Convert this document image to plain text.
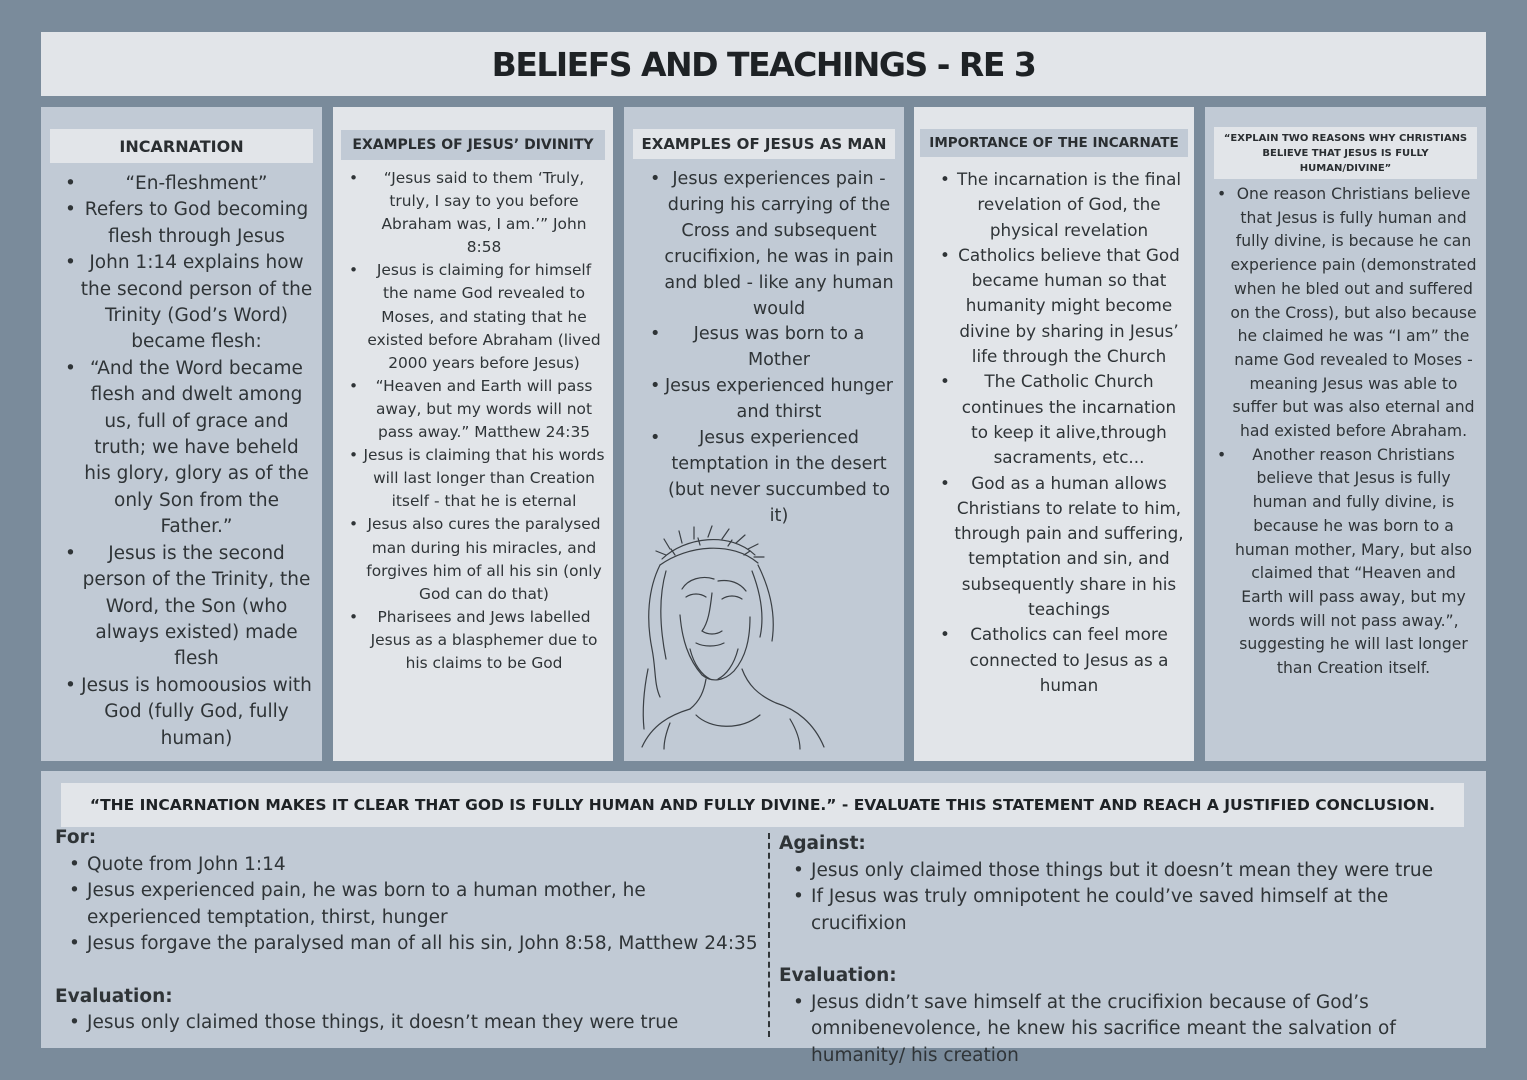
BELIEFS AND TEACHINGS - RE 3
INCARNATION
• “En-fleshment”
• Refers to God becoming flesh through Jesus
• John 1:14 explains how the second person of the Trinity (God’s Word) became flesh:
• “And the Word became flesh and dwelt among us, full of grace and truth; we have beheld his glory, glory as of the only Son from the Father.”
• Jesus is the second person of the Trinity, the Word, the Son (who always existed) made flesh
• Jesus is homoousios with God (fully God, fully human)
EXAMPLES OF JESUS’ DIVINITY
• “Jesus said to them ‘Truly, truly, I say to you before Abraham was, I am.’” John 8:58
• Jesus is claiming for himself the name God revealed to Moses, and stating that he existed before Abraham (lived 2000 years before Jesus)
• “Heaven and Earth will pass away, but my words will not pass away.” Matthew 24:35
• Jesus is claiming that his words will last longer than Creation itself - that he is eternal
• Jesus also cures the paralysed man during his miracles, and forgives him of all his sin (only God can do that)
• Pharisees and Jews labelled Jesus as a blasphemer due to his claims to be God
EXAMPLES OF JESUS AS MAN
• Jesus experiences pain - during his carrying of the Cross and subsequent crucifixion, he was in pain and bled - like any human would
• Jesus was born to a Mother
• Jesus experienced hunger and thirst
• Jesus experienced temptation in the desert (but never succumbed to it)
IMPORTANCE OF THE INCARNATE
• The incarnation is the final revelation of God, the physical revelation
• Catholics believe that God became human so that humanity might become divine by sharing in Jesus’ life through the Church
• The Catholic Church continues the incarnation to keep it alive,through sacraments, etc...
• God as a human allows Christians to relate to him, through pain and suffering, temptation and sin, and subsequently share in his teachings
• Catholics can feel more connected to Jesus as a human
“EXPLAIN TWO REASONS WHY CHRISTIANS BELIEVE THAT JESUS IS FULLY HUMAN/DIVINE”
• One reason Christians believe that Jesus is fully human and fully divine, is because he can experience pain (demonstrated when he bled out and suffered on the Cross), but also because he claimed he was “I am” the name God revealed to Moses - meaning Jesus was able to suffer but was also eternal and had existed before Abraham.
• Another reason Christians believe that Jesus is fully human and fully divine, is because he was born to a human mother, Mary, but also claimed that “Heaven and Earth will pass away, but my words will not pass away.”, suggesting he will last longer than Creation itself.
“THE INCARNATION MAKES IT CLEAR THAT GOD IS FULLY HUMAN AND FULLY DIVINE.” - EVALUATE THIS STATEMENT AND REACH A JUSTIFIED CONCLUSION.
For:
• Quote from John 1:14
• Jesus experienced pain, he was born to a human mother, he experienced temptation, thirst, hunger
• Jesus forgave the paralysed man of all his sin, John 8:58, Matthew 24:35
Evaluation:
• Jesus only claimed those things, it doesn’t mean they were true
Against:
• Jesus only claimed those things but it doesn’t mean they were true
• If Jesus was truly omnipotent he could’ve saved himself at the crucifixion
Evaluation:
• Jesus didn’t save himself at the crucifixion because of God’s omnibenevolence, he knew his sacrifice meant the salvation of humanity/ his creation
